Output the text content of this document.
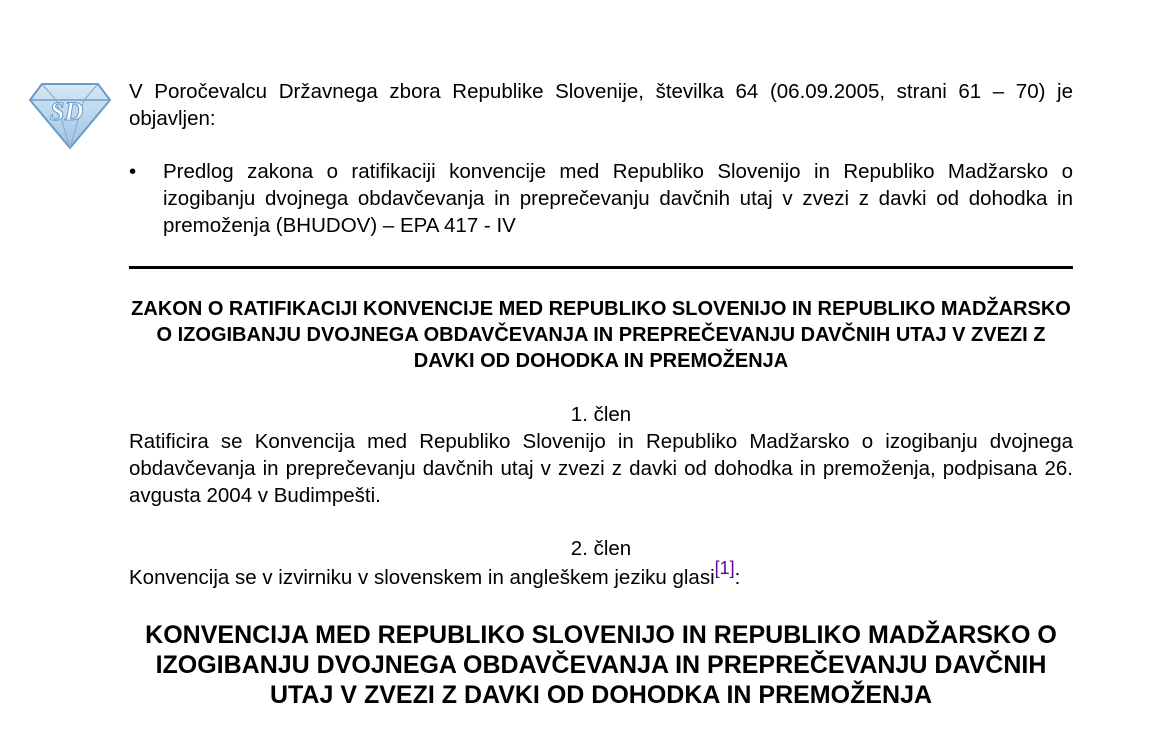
SD

V Poročevalcu Državnega zbora Republike Slovenije, številka 64 (06.09.2005, strani 61 – 70) je objavljen:

•	Predlog zakona o ratifikaciji konvencije med Republiko Slovenijo in Republiko Madžarsko o izogibanju dvojnega obdavčevanja in preprečevanju davčnih utaj v zvezi z davki od dohodka in premoženja (BHUDOV) – EPA 417 - IV
ZAKON O RATIFIKACIJI KONVENCIJE MED REPUBLIKO SLOVENIJO IN REPUBLIKO MADŽARSKO O IZOGIBANJU DVOJNEGA OBDAVČEVANJA IN PREPREČEVANJU DAVČNIH UTAJ V ZVEZI Z DAVKI OD DOHODKA IN PREMOŽENJA
1. člen
Ratificira se Konvencija med Republiko Slovenijo in Republiko Madžarsko o izogibanju dvojnega obdavčevanja in preprečevanju davčnih utaj v zvezi z davki od dohodka in premoženja, podpisana 26. avgusta 2004 v Budimpešti.
2. člen
Konvencija se v izvirniku v slovenskem in angleškem jeziku glasi[1]:
KONVENCIJA MED REPUBLIKO SLOVENIJO IN REPUBLIKO MADŽARSKO O IZOGIBANJU DVOJNEGA OBDAVČEVANJA IN PREPREČEVANJU DAVČNIH UTAJ V ZVEZI Z DAVKI OD DOHODKA IN PREMOŽENJA
